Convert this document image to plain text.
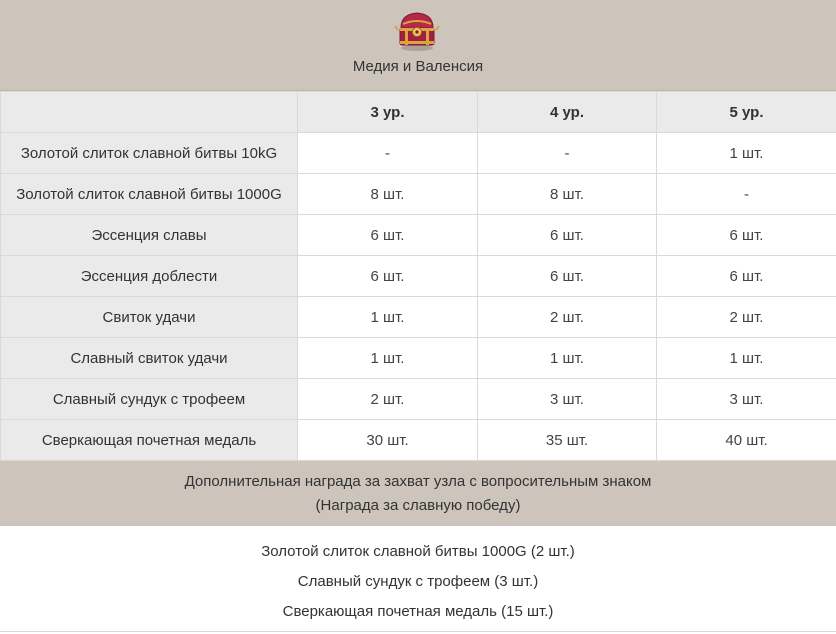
Медия и Валенсия
	3 ур.	4 ур.	5 ур.
Золотой слиток славной битвы 10kG	-	-	1 шт.
Золотой слиток славной битвы 1000G	8 шт.	8 шт.	-
Эссенция славы	6 шт.	6 шт.	6 шт.
Эссенция доблести	6 шт.	6 шт.	6 шт.
Свиток удачи	1 шт.	2 шт.	2 шт.
Славный свиток удачи	1 шт.	1 шт.	1 шт.
Славный сундук с трофеем	2 шт.	3 шт.	3 шт.
Сверкающая почетная медаль	30 шт.	35 шт.	40 шт.
Дополнительная награда за захват узла с вопросительным знаком
(Награда за славную победу)
Золотой слиток славной битвы 1000G (2 шт.)
Славный сундук с трофеем (3 шт.)
Сверкающая почетная медаль (15 шт.)
